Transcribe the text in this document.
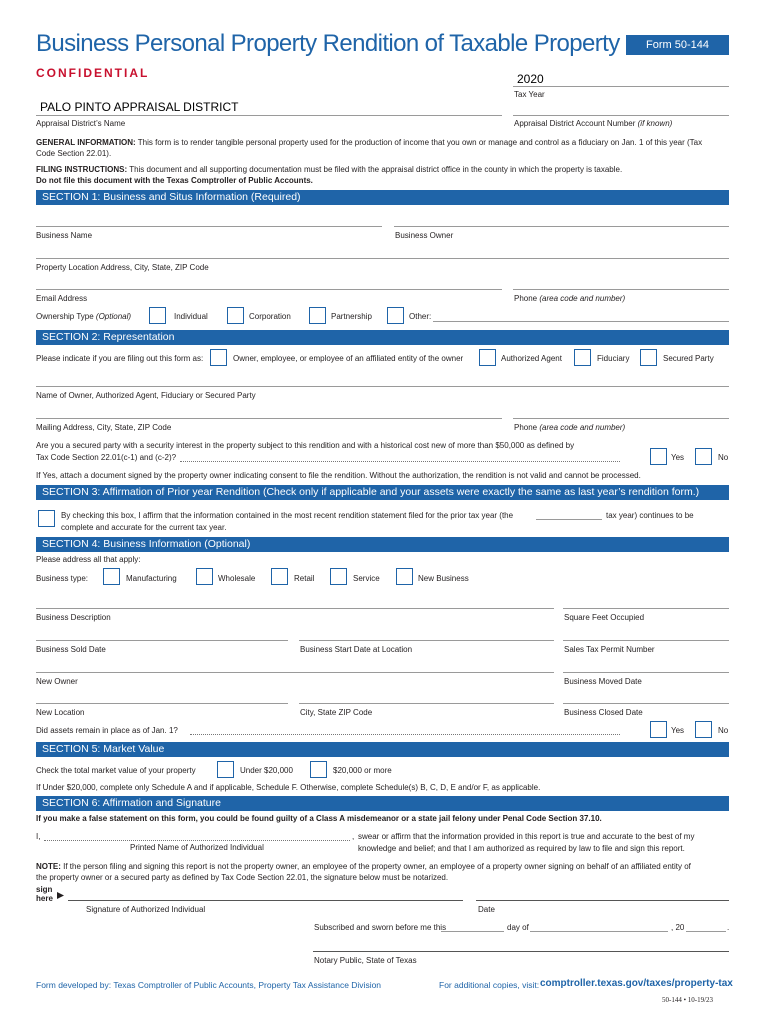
Business Personal Property Rendition of Taxable Property	Form 50-144
CONFIDENTIAL	2020
Tax Year
PALO PINTO APPRAISAL DISTRICT
Appraisal District’s Name	Appraisal District Account Number (if known)
GENERAL INFORMATION: This form is to render tangible personal property used for the production of income that you own or manage and control as a fiduciary on Jan. 1 of this year (Tax
Code Section 22.01).
FILING INSTRUCTIONS: This document and all supporting documentation must be filed with the appraisal district office in the county in which the property is taxable.
Do not file this document with the Texas Comptroller of Public Accounts.
SECTION 1: Business and Situs Information (Required)
Business Name	Business Owner
Property Location Address, City, State, ZIP Code
Email Address	Phone (area code and number)
Ownership Type (Optional)	Individual	Corporation	Partnership	Other:
SECTION 2: Representation
Please indicate if you are filing out this form as:	Owner, employee, or employee of an affiliated entity of the owner	Authorized Agent	Fiduciary	Secured Party
Name of Owner, Authorized Agent, Fiduciary or Secured Party
Mailing Address, City, State, ZIP Code	Phone (area code and number)
Are you a secured party with a security interest in the property subject to this rendition and with a historical cost new of more than $50,000 as defined by
Tax Code Section 22.01(c-1) and (c-2)?	Yes	No
If Yes, attach a document signed by the property owner indicating consent to file the rendition. Without the authorization, the rendition is not valid and cannot be processed.
SECTION 3: Affirmation of Prior year Rendition (Check only if applicable and your assets were exactly the same as last year’s rendition form.)
By checking this box, I affirm that the information contained in the most recent rendition statement filed for the prior tax year (the	tax year) continues to be
complete and accurate for the current tax year.
SECTION 4: Business Information (Optional)
Please address all that apply:
Business type:	Manufacturing	Wholesale	Retail	Service	New Business
Business Description	Square Feet Occupied
Business Sold Date	Business Start Date at Location	Sales Tax Permit Number
New Owner	Business Moved Date
New Location	City, State ZIP Code	Business Closed Date
Did assets remain in place as of Jan. 1?	Yes	No
SECTION 5: Market Value
Check the total market value of your property	Under $20,000	$20,000 or more
If Under $20,000, complete only Schedule A and if applicable, Schedule F. Otherwise, complete Schedule(s) B, C, D, E and/or F, as applicable.
SECTION 6: Affirmation and Signature
If you make a false statement on this form, you could be found guilty of a Class A misdemeanor or a state jail felony under Penal Code Section 37.10.
I,	, swear or affirm that the information provided in this report is true and accurate to the best of my
Printed Name of Authorized Individual	knowledge and belief; and that I am authorized as required by law to file and sign this report.
NOTE: If the person filing and signing this report is not the property owner, an employee of the property owner, an employee of a property owner signing on behalf of an affiliated entity of
the property owner or a secured party as defined by Tax Code Section 22.01, the signature below must be notarized.
sign
here
Signature of Authorized Individual	Date
Subscribed and sworn before me this	day of	, 20	.
Notary Public, State of Texas
Form developed by: Texas Comptroller of Public Accounts, Property Tax Assistance Division	For additional copies, visit: comptroller.texas.gov/taxes/property-tax
50-144 • 10-19/23
